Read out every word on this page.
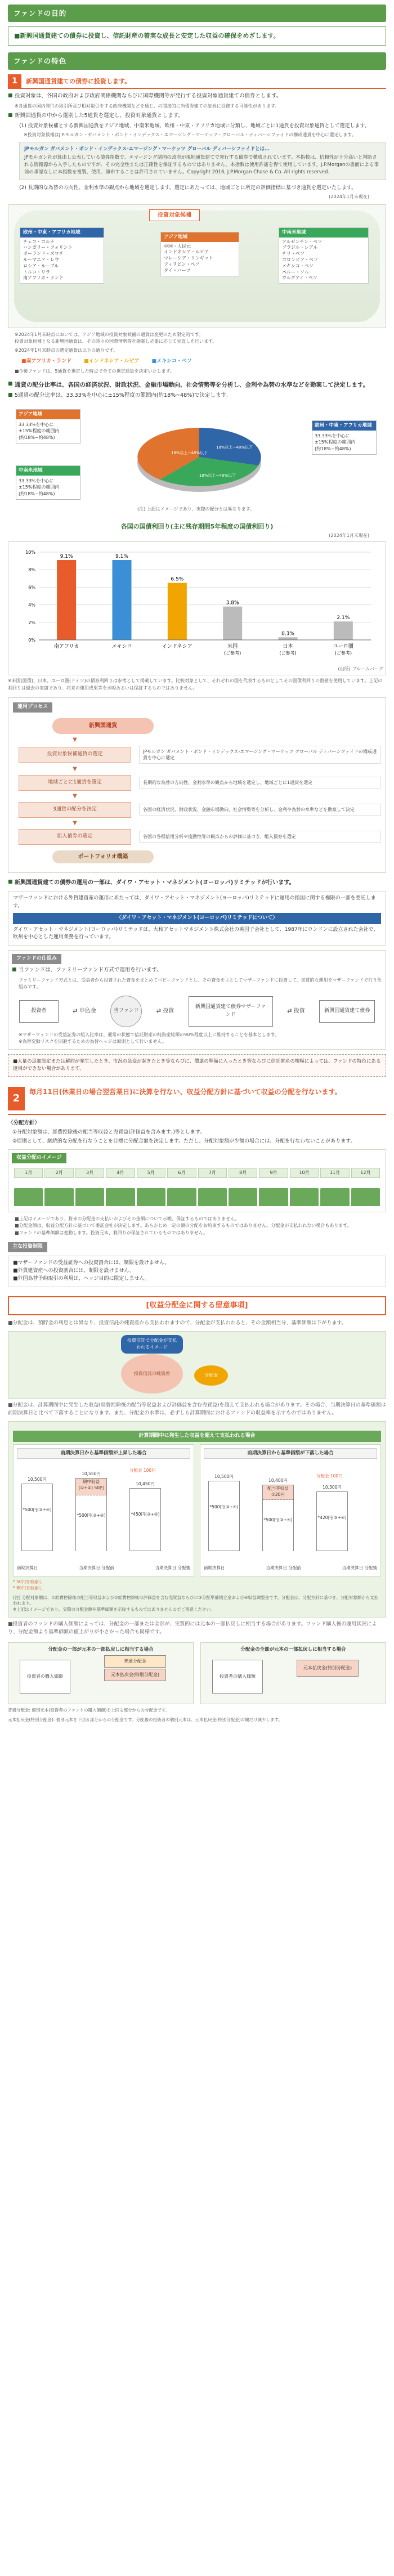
ファンドの目的

■新興国通貨建ての債券に投資し、信託財産の着実な成長と安定した収益の確保をめざします。

ファンドの特色
1	新興国通貨建ての債券に投資します。
■ 投資対象は、各国の政府および政府関係機関ならびに国際機関等が発行する投資対象通貨建ての債券とします。
※各通貨の国内発行の取引所及び相対取引をする政府機関などを通じ、の間接的に当債券建ての証券に投資する可能性があります。
■ 新興国通貨の中から選別した5通貨を選定し、投資対象通貨とします。
(1) 投資対象候補とする新興国通貨をアジア地域、中南米地域、欧州・中東・アフリカ地域に分類し、地域ごとに1通貨を投資対象通貨として選定します。
※投資対象候補はJ.P.モルガン・ガバメント・ボンド・インデックス・エマージング・マーケッツ・グローバル・ディバーシファイドの構成通貨を中心に選定します。
JPモルガン ガバメント・ボンド・インデックス-エマージング・マーケッツ グローバル ディバーシファイドとは…
JPモルガン社が算出し公表している債券指数で、エマージング諸国の政府が現地通貨建てで発行する債券で構成されています。本指数は、信頼性が十分高いと判断される情報源から入手したものですが、その完全性または正確性を保証するものではありません。本指数は使用許諾を得て使用しています。J.P.Morganの書面による事前の承認なしに本指数を複製、使用、頒布することは許可されていません。Copyright 2016, J.P.Morgan Chase & Co. All rights reserved.
(2) 長期的な為替の方向性、金利水準の観点から地域を選定します。選定にあたっては、地域ごとに所定の評価指標に基づき通貨を選定いたします。
(2024年1月末現在)
投資対象候補
欧州・中東・アフリカ地域
チェコ・コルナ
ハンガリー・フォリント
ポーランド・ズロチ
ルーマニア・レウ
ロシア・ルーブル
トルコ・リラ
南アフリカ・ランド
アジア地域
中国・人民元
インドネシア・ルピア
マレーシア・リンギット
フィリピン・ペソ
タイ・バーツ
中南米地域
アルゼンチン・ペソ
ブラジル・レアル
チリ・ペソ
コロンビア・ペソ
メキシコ・ペソ
ペルー・ソル
ウルグアイ・ペソ
※2024年1月末時点においては、アジア地域の投資対象候補の通貨は変更のため限定的です。
投資対象候補となる新興国通貨は、その時々の国際情勢等を勘案し必要に応じて見直しを行います。
※2024年1月末時点の選定通貨は以下の通りです。
■南アフリカ・ランド ■インドネシア・ルピア ■メキシコ・ペソ
■今後ファンドは、5通貨を選定した時点で全ての選定通貨を決定いたします。
■ 通貨の配分比率は、各国の経済状況、財政状況、金融市場動向、社会情勢等を分析し、金利や為替の水準などを勘案して決定します。
■ 5通貨の配分比率は、33.33%を中心に±15%程度の範囲内(約18%~48%)で決定します。
アジア地域
33.33%を中心に
±15%程度の範囲内
(約18%~約48%)
中南米地域
33.33%を中心に
±15%程度の範囲内
(約18%~約48%)
欧州・中東・アフリカ地域
33.33%を中心に
±15%程度の範囲内
(約18%~約48%)
18%以上~48%以下
18%以上~48%以下
18%以上~48%以下
(注) 上記はイメージであり、実際の配分とは異なります。
各国の国債利回り(主に残存期間5年程度の国債利回り)
(2024年1月末現在)
0%
2%
4%
6%
8%
10%
9.1%
南アフリカ
9.1%
メキシコ
6.5%
インドネシア
3.8%
米国
(ご参考)
0.3%
日本
(ご参考)
2.1%
ユーロ圏
(ご参考)
(出所) ブルームバーグ
※米国(国債)、日本、ユーロ圏(ドイツ)の債券利回りは参考として掲載しています。比較対象として、それぞれの国を代表するものとしてその国債利回りの数値を使用しています。上記の利回りは過去の実績であり、将来の運用成果等を示唆あるいは保証するものではありません。
運用プロセス
新興国通貨
▼
投資対象候補通貨の選定	JPモルガン ガバメント・ボンド・インデックス-エマージング・マーケッツ グローバル ディバーシファイドの構成通貨を中心に選定
▼
地域ごとに1通貨を選定	長期的な為替の方向性、金利水準の観点から地域を選定し、地域ごとに1通貨を選定
▼
3通貨の配分を決定	各国の経済状況、財政状況、金融市場動向、社会情勢等を分析し、金利や為替の水準などを勘案して決定
▼
組入債券の選定	各国の各種信用分析や流動性等の観点からの評価に基づき、組入債券を選定
ポートフォリオ構築
■ 新興国通貨建ての債券の運用の一部は、ダイワ・アセット・マネジメント(ヨーロッパ)リミテッドが行います。
マザーファンドにおける外貨建資産の運用にあたっては、ダイワ・アセット・マネジメント(ヨーロッパ)リミテッドに運用の指図に関する権限の一部を委託します。
〈ダイワ・アセット・マネジメント(ヨーロッパ)リミテッドについて〉
ダイワ・アセット・マネジメント(ヨーロッパ)リミテッドは、大和アセットマネジメント株式会社の英国子会社として、1987年にロンドンに設立された会社で、欧州を中心とした運用業務を行っています。
ファンドの仕組み
■ 当ファンドは、ファミリーファンド方式で運用を行います。
ファミリーファンド方式とは、受益者から投資された資金をまとめてベビーファンドとし、その資金を主としてマザーファンドに投資して、実質的な運用をマザーファンドで行う仕組みです。
投資者	⇄ 申込金	当ファンド	⇄ 投資
新興国通貨建て債券マザーファンド
⇄ 投資	新興国通貨建て債券
※マザーファンドの受益証券の組入比率は、通常の状態で信託財産の純資産総額の90%程度以上に維持することを基本とします。
※為替変動リスクを回避するための為替ヘッジは原則として行いません。
■大量の追加設定または解約が発生したとき、市況の急変が起きたとき等ならびに、償還の準備に入ったとき等ならびに信託財産の規模によっては、ファンドの特色にある運用ができない場合があります。
2
毎月11日(休業日の場合翌営業日)に決算を行ない、収益分配方針に基づいて収益の分配を行ないます。
〈分配方針〉
①分配対象額は、経費控除後の配当等収益と売買益(評価益を含みます。)等とします。
②原則として、継続的な分配を行なうことを目標に分配金額を決定します。ただし、分配対象額が少額の場合には、分配を行なわないことがあります。
収益分配のイメージ
1月	2月	3月	4月	5月	6月	7月	8月	9月	10月	11月	12月
■上記はイメージであり、将来の分配金の支払いおよびその金額について示唆、保証するものではありません。
■分配金額は、収益分配方針に基づいて委託会社が決定します。あらかじめ一定の額の分配をお約束するものではありません。分配金が支払われない場合もあります。
■ファンドの基準価額は変動します。投資元本、利回りが保証されているものではありません。
主な投資制限
■マザーファンドの受益証券への投資割合には、制限を設けません。
■外貨建資産への投資割合には、制限を設けません。
■外国為替予約取引の利用は、ヘッジ目的に限定しません。
[収益分配金に関する留意事項]
■分配金は、預貯金の利息とは異なり、投資信託の純資産から支払われますので、分配金が支払われると、その金額相当分、基準価額は下がります。
投資信託で分配金が支払われるイメージ
投資信託の純資産	分配金
■分配金は、計算期間中に発生した収益(経費控除後の配当等収益および評価益を含む売買益)を超えて支払われる場合があります。その場合、当期決算日の基準価額は前期決算日と比べて下落することになります。また、分配金の水準は、必ずしも計算期間におけるファンドの収益率を示すものではありません。
計算期間中に発生した収益を超えて支払われる場合
前期決算日から基準価額が上昇した場合
10,500円
*500円(③+④)
10,550円
期中収益(①+②) 50円
*500円(③+④)
10,450円
*450円(③+④)
分配金 100円
前期決算日	当期決算日 分配前	当期決算日 分配後
前期決算日から基準価額が下落した場合
10,500円
*500円(③+④)
10,400円
配当等収益 ①20円
*500円(③+④)
10,300円
*420円(③+④)
分配金 100円
前期決算日	当期決算日 分配前	当期決算日 分配後
* 50円を取崩し
* 80円を取崩し
(注) 分配対象額は、①経費控除後の配当等収益および②経費控除後の評価益を含む売買益ならびに③分配準備積立金および④収益調整金です。分配金は、分配方針に基づき、分配対象額から支払われます。
※上記はイメージであり、実際の分配金額や基準価額を示唆するものではありませんのでご留意ください。
■投資者のファンドの購入価額によっては、分配金の一部または全部が、実質的には元本の一部払戻しに相当する場合があります。ファンド購入後の運用状況により、分配金額より基準価額の値上がりが小さかった場合も同様です。
分配金の一部が元本の一部払戻しに相当する場合
投資者の購入価額
普通分配金
元本払戻金(特別分配金)
分配金の全部が元本の一部払戻しに相当する場合
投資者の購入価額
元本払戻金(特別分配金)
普通分配金: 個別元本(投資者のファンドの購入価額)を上回る部分からの分配金です。
元本払戻金(特別分配金): 個別元本を下回る部分からの分配金です。分配後の投資者の個別元本は、元本払戻金(特別分配金)の額だけ減少します。
